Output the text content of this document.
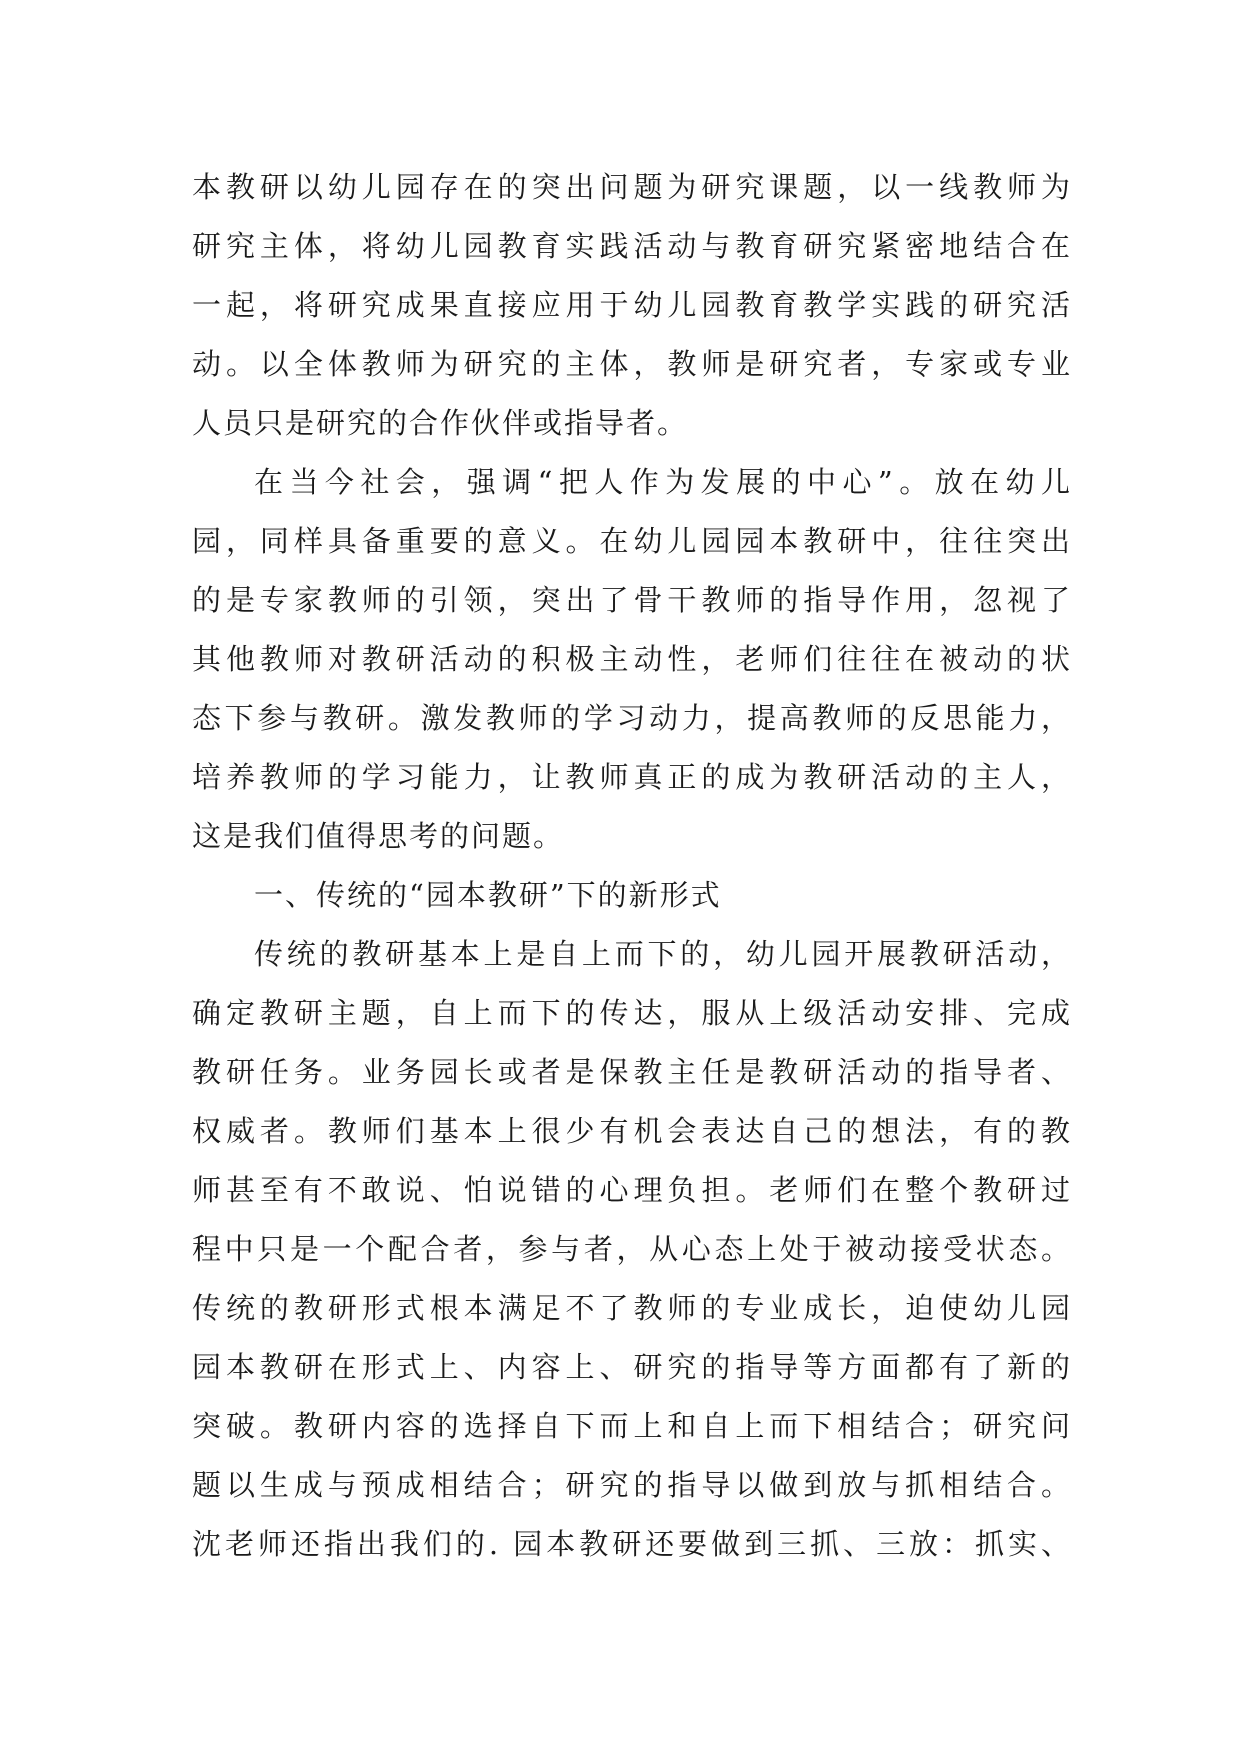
本教研以幼儿园存在的突出问题为研究课题，以一线教师为
研究主体，将幼儿园教育实践活动与教育研究紧密地结合在
一起，将研究成果直接应用于幼儿园教育教学实践的研究活
动。以全体教师为研究的主体，教师是研究者，专家或专业
人员只是研究的合作伙伴或指导者。
在当今社会，强调“把人作为发展的中心”。放在幼儿
园，同样具备重要的意义。在幼儿园园本教研中，往往突出
的是专家教师的引领，突出了骨干教师的指导作用，忽视了
其他教师对教研活动的积极主动性，老师们往往在被动的状
态下参与教研。激发教师的学习动力，提高教师的反思能力，
培养教师的学习能力，让教师真正的成为教研活动的主人，
这是我们值得思考的问题。
一、传统的“园本教研”下的新形式
传统的教研基本上是自上而下的，幼儿园开展教研活动，
确定教研主题，自上而下的传达，服从上级活动安排、完成
教研任务。业务园长或者是保教主任是教研活动的指导者、
权威者。教师们基本上很少有机会表达自己的想法，有的教
师甚至有不敢说、怕说错的心理负担。老师们在整个教研过
程中只是一个配合者，参与者，从心态上处于被动接受状态。
传统的教研形式根本满足不了教师的专业成长，迫使幼儿园
园本教研在形式上、内容上、研究的指导等方面都有了新的
突破。教研内容的选择自下而上和自上而下相结合；研究问
题以生成与预成相结合；研究的指导以做到放与抓相结合。
沈老师还指出我们的. 园本教研还要做到三抓、三放：抓实、
